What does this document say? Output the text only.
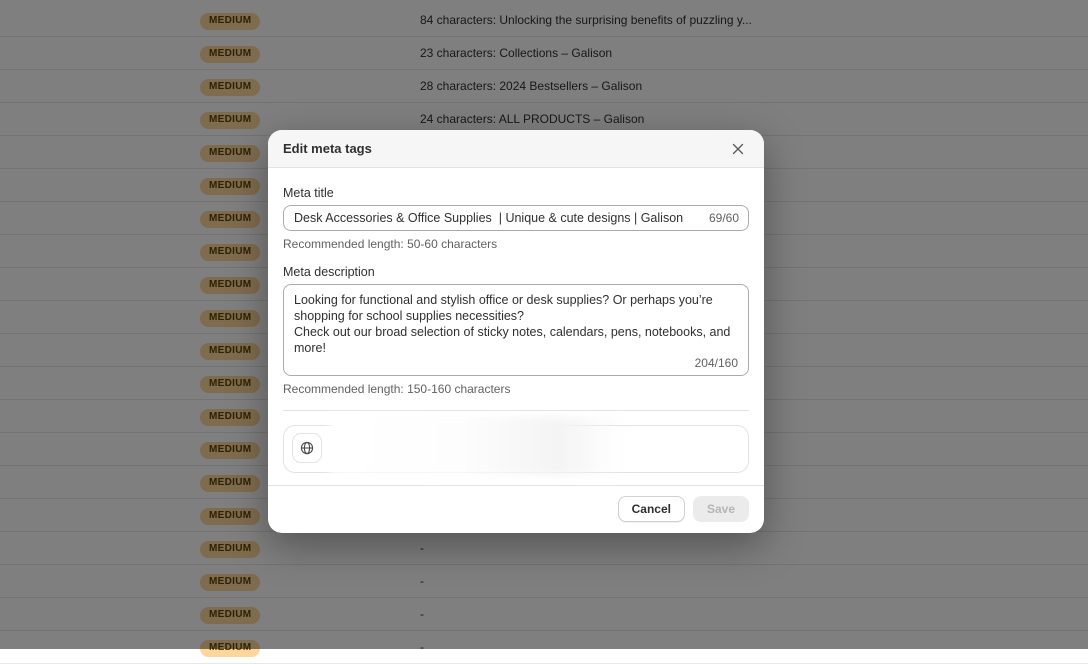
Edit meta tags
Meta title
Desk Accessories & Office Supplies | Unique & cute designs | Galison
69/60
Recommended length: 50-60 characters
Meta description
Looking for functional and stylish office or desk supplies? Or perhaps you’re shopping for school supplies necessities? Check out our broad selection of sticky notes, calendars, pens, notebooks, and more!
204/160
Recommended length: 150-160 characters
Cancel	Save
